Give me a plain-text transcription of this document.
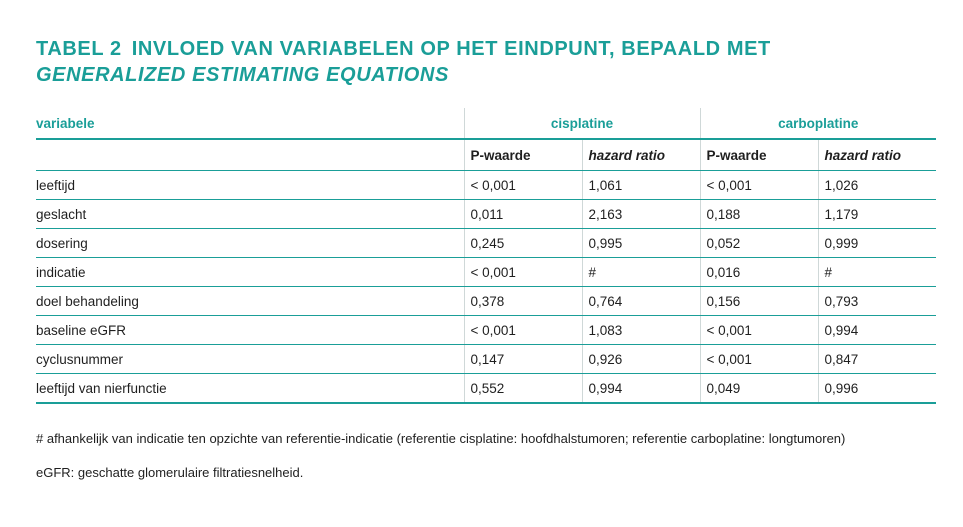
TABEL 2 INVLOED VAN VARIABELEN OP HET EINDPUNT, BEPAALD MET
GENERALIZED ESTIMATING EQUATIONS
variabele	cisplatine		carboplatine	
	P-waarde	hazard ratio	P-waarde	hazard ratio
leeftijd	< 0,001	1,061	< 0,001	1,026
geslacht	0,011	2,163	0,188	1,179
dosering	0,245	0,995	0,052	0,999
indicatie	< 0,001	#	0,016	#
doel behandeling	0,378	0,764	0,156	0,793
baseline eGFR	< 0,001	1,083	< 0,001	0,994
cyclusnummer	0,147	0,926	< 0,001	0,847
leeftijd van nierfunctie	0,552	0,994	0,049	0,996

# afhankelijk van indicatie ten opzichte van referentie-indicatie (referentie cisplatine: hoofdhalstumoren; referentie carboplatine: longtumoren)

eGFR: geschatte glomerulaire filtratiesnelheid.
